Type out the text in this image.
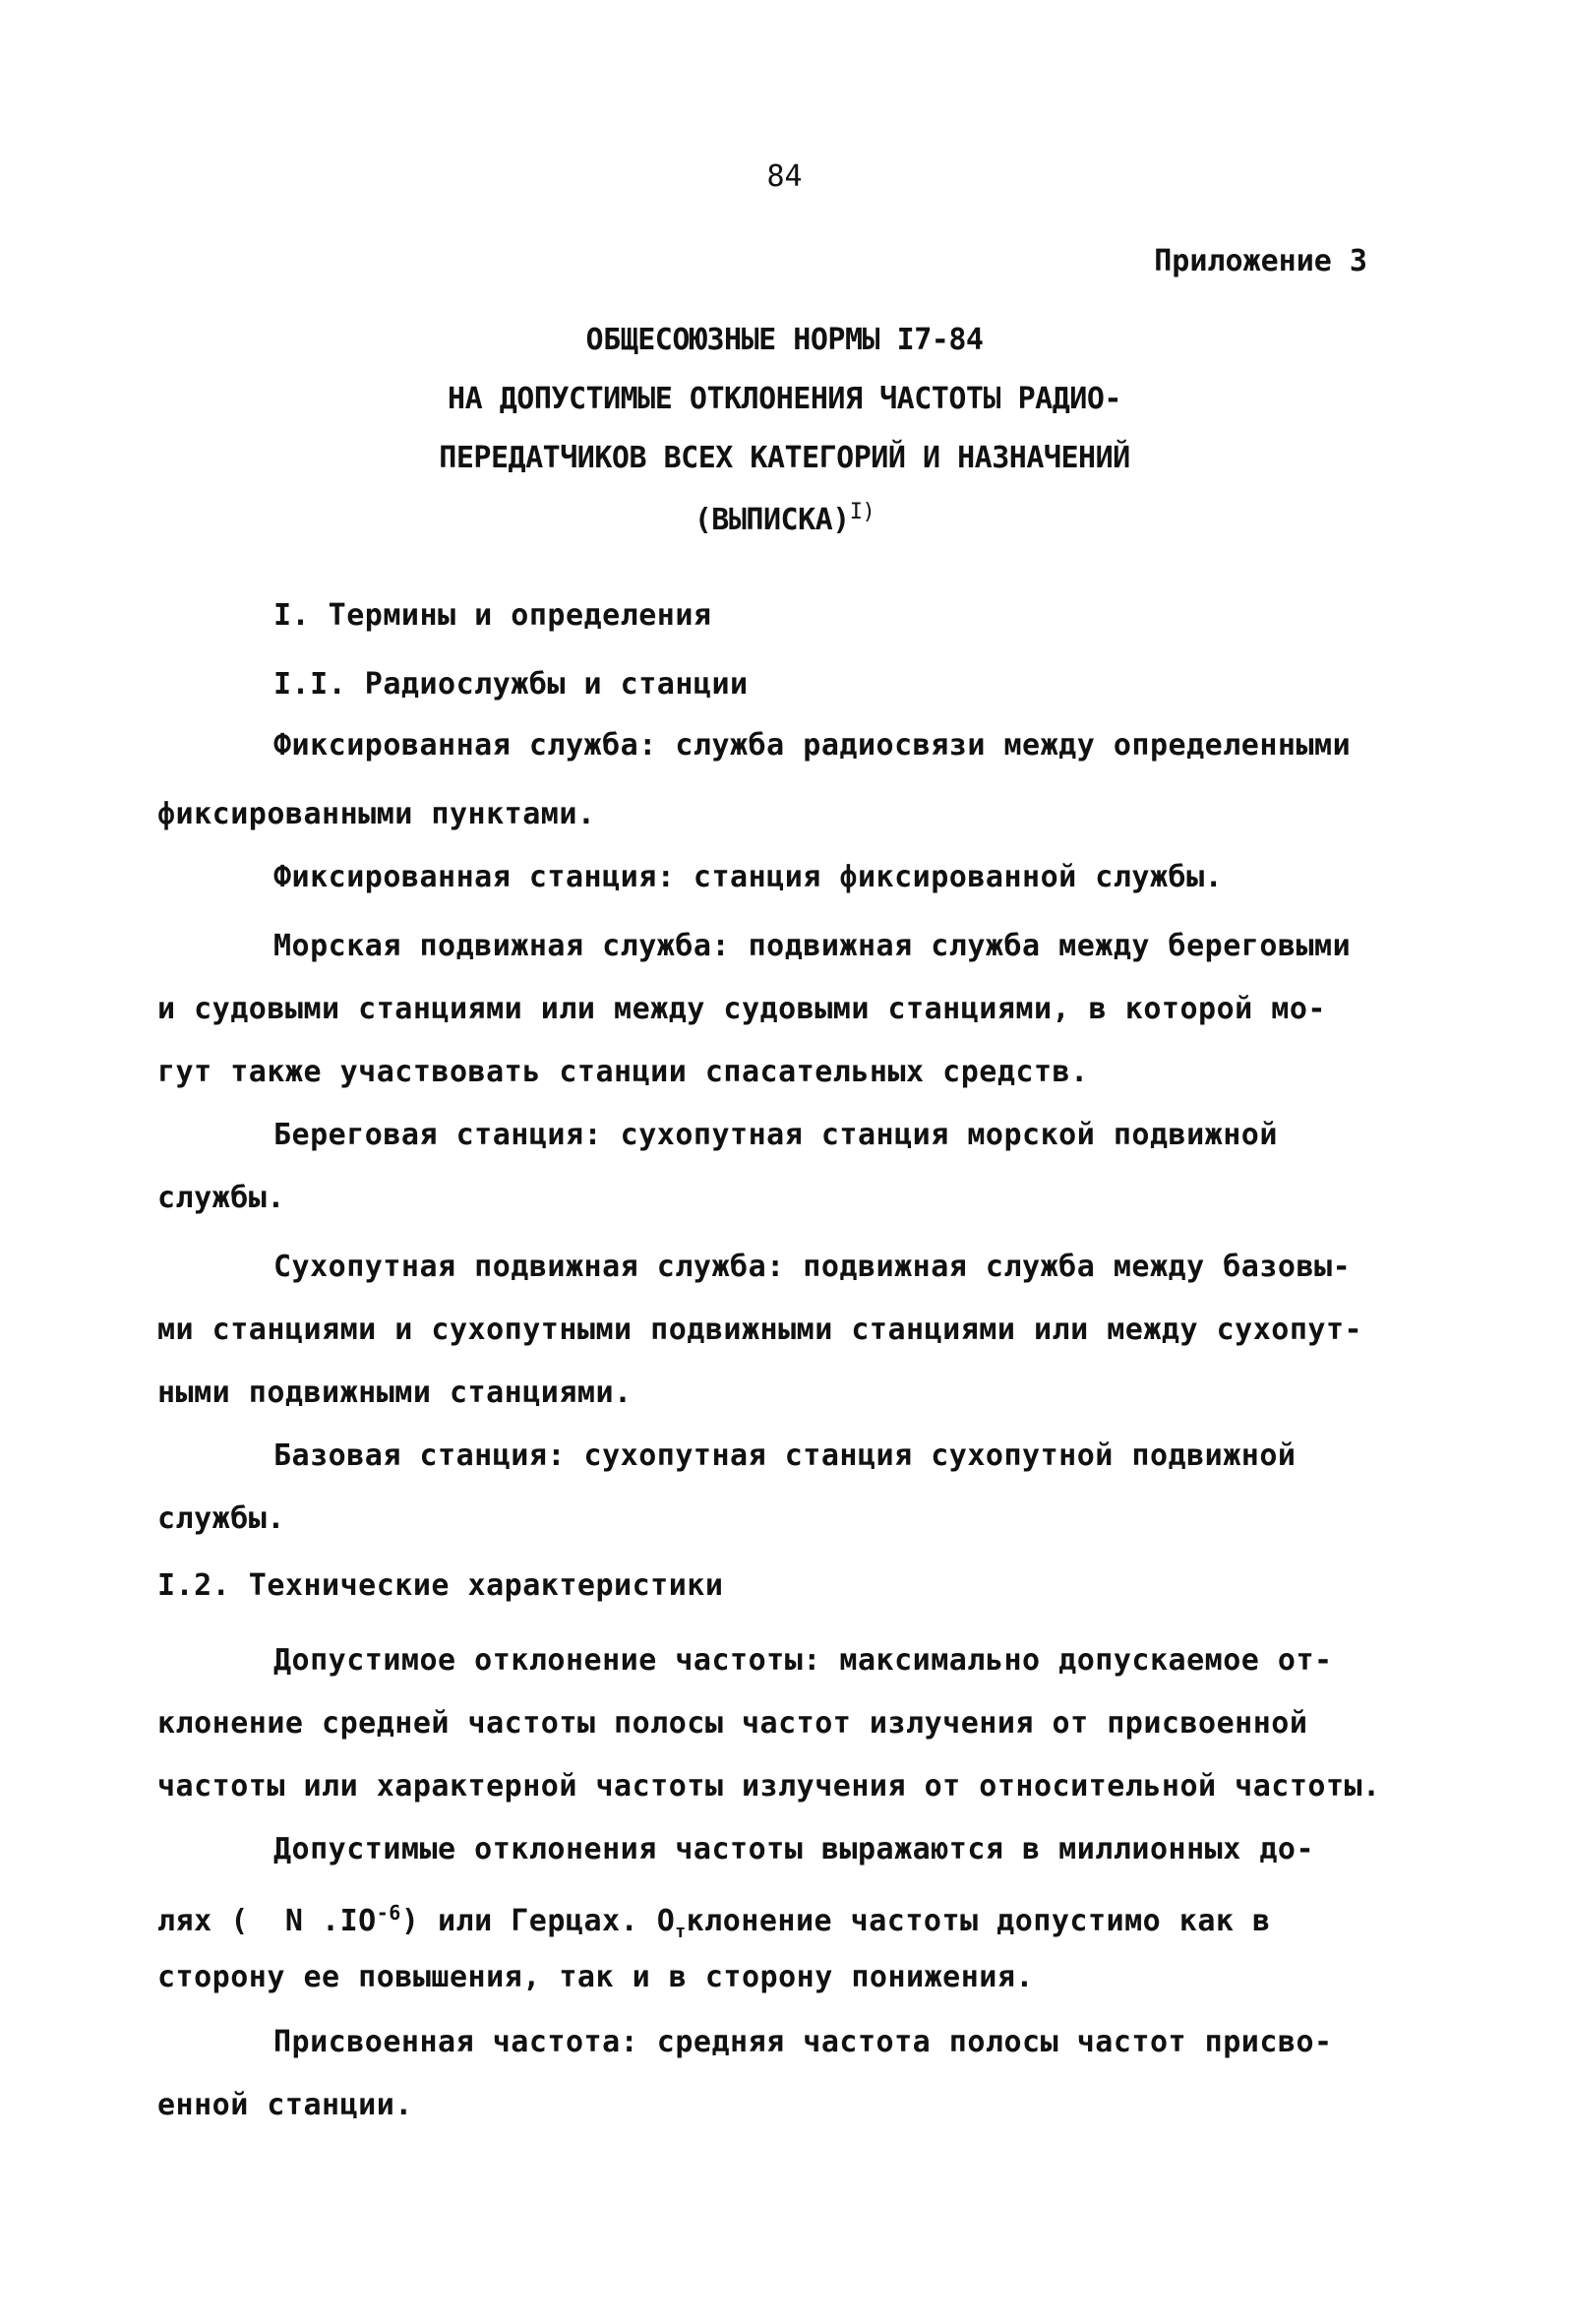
84
Приложение 3
ОБЩЕСОЮЗНЫЕ НОРМЫ I7-84
НА ДОПУСТИМЫЕ ОТКЛОНЕНИЯ ЧАСТОТЫ РАДИО-
ПЕРЕДАТЧИКОВ ВСЕХ КАТЕГОРИЙ И НАЗНАЧЕНИЙ
(ВЫПИСКА)$^{I)}$
I. Термины и определения
I.I. Радиослужбы и станции
Фиксированная служба: служба радиосвязи между определенными
фиксированными пунктами.
Фиксированная станция: станция фиксированной службы.
Морская подвижная служба: подвижная служба между береговыми
и судовыми станциями или между судовыми станциями, в которой мо-
гут также участвовать станции спасательных средств.
Береговая станция: сухопутная станция морской подвижной
службы.
Сухопутная подвижная служба: подвижная служба между базовы-
ми станциями и сухопутными подвижными станциями или между сухопут-
ными подвижными станциями.
Базовая станция: сухопутная станция сухопутной подвижной
службы.
I.2. Технические характеристики
Допустимое отклонение частоты: максимально допускаемое от-
клонение средней частоты полосы частот излучения от присвоенной
частоты или характерной частоты излучения от относительной частоты.
Допустимые отклонения частоты выражаются в миллионных до-
лях (  N $.IO^{-6}$) или Герцах. $О_тклонение$ частоты допустимо как в
сторону ее повышения, так и в сторону понижения.
Присвоенная частота: средняя частота полосы частот присво-
енной станции.
